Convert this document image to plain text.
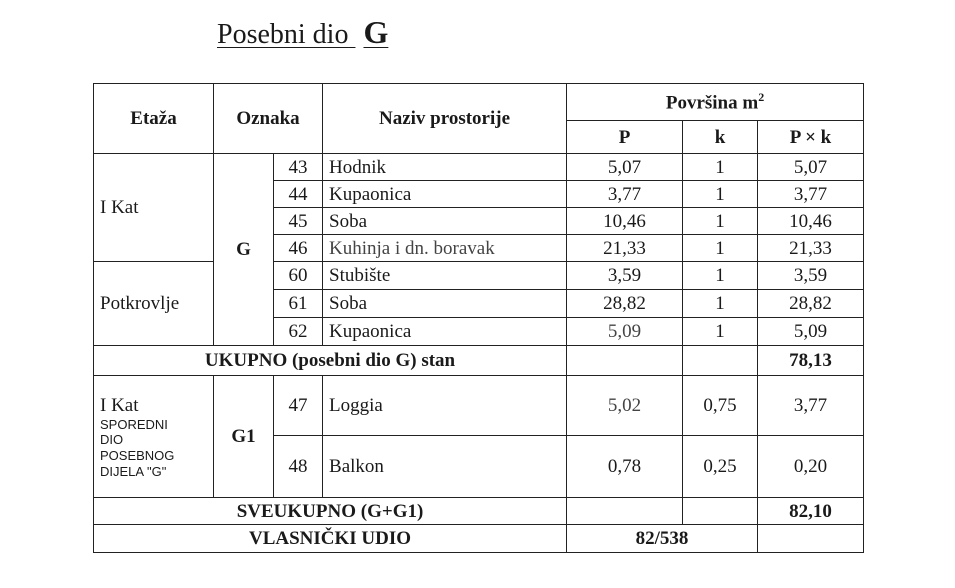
Posebni dio G
Etaža	Oznaka		Naziv prostorije	Površina $m^2$
				P	k	P × k
I Kat	G	43	Hodnik	5,07	1	5,07
		44	Kupaonica	3,77	1	3,77
		45	Soba	10,46	1	10,46
		46	Kuhinja i dn. boravak	21,33	1	21,33
Potkrovlje		60	Stubište	3,59	1	3,59
		61	Soba	28,82	1	28,82
		62	Kupaonica	5,09	1	5,09
UKUPNO (posebni dio G) stan						78,13

I Kat
SPOREDNI
DIO
POSEBNOG
DIJELA "G"	G1	47	Loggia	5,02	0,75	3,77
		48	Balkon	0,78	0,25	0,20
SVEUKUPNO (G+G1)						82,10
VLASNIČKI UDIO				82/538		
